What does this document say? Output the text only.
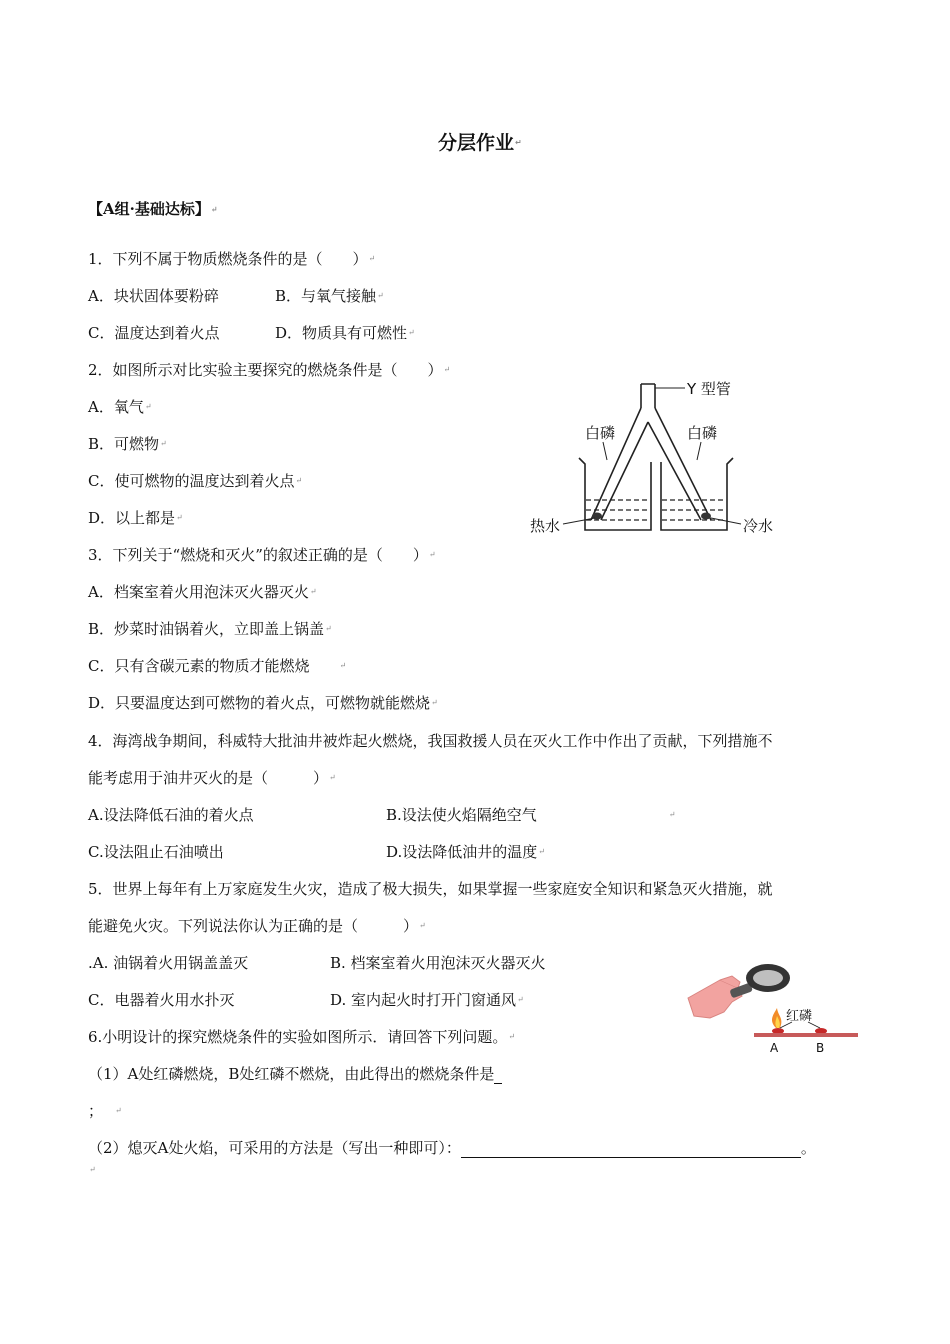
分层作业↵
【A组·基础达标】↵
1．下列不属于物质燃烧条件的是（　　）↵
A．块状固体要粉碎	B．与氧气接触↵
C．温度达到着火点	D．物质具有可燃性↵
2．如图所示对比实验主要探究的燃烧条件是（　　）↵
A．氧气↵
B．可燃物↵
C．使可燃物的温度达到着火点↵
D．以上都是↵
Y 型管
白磷	白磷
热水	冷水
3．下列关于“燃烧和灭火”的叙述正确的是（　　）↵
A．档案室着火用泡沫灭火器灭火↵
B．炒菜时油锅着火，立即盖上锅盖↵
C．只有含碳元素的物质才能燃烧	↵
D．只要温度达到可燃物的着火点，可燃物就能燃烧↵
4．海湾战争期间，科威特大批油井被炸起火燃烧，我国救援人员在灭火工作中作出了贡献，下列措施不
能考虑用于油井灭火的是（　　　）↵
A.设法降低石油的着火点	B.设法使火焰隔绝空气	↵
C.设法阻止石油喷出	D.设法降低油井的温度↵
5．世界上每年有上万家庭发生火灾，造成了极大损失，如果掌握一些家庭安全知识和紧急灭火措施，就
能避免火灾。下列说法你认为正确的是（　　　）↵
.A. 油锅着火用锅盖盖灭	B. 档案室着火用泡沫灭火器灭火
C．电器着火用水扑灭	D. 室内起火时打开门窗通风↵
红磷
A	B
6.小明设计的探究燃烧条件的实验如图所示．请回答下列问题。↵
（1）A处红磷燃烧，B处红磷不燃烧，由此得出的燃烧条件是
； ↵
（2）熄灭A处火焰，可采用的方法是（写出一种即可）：	。
↵
